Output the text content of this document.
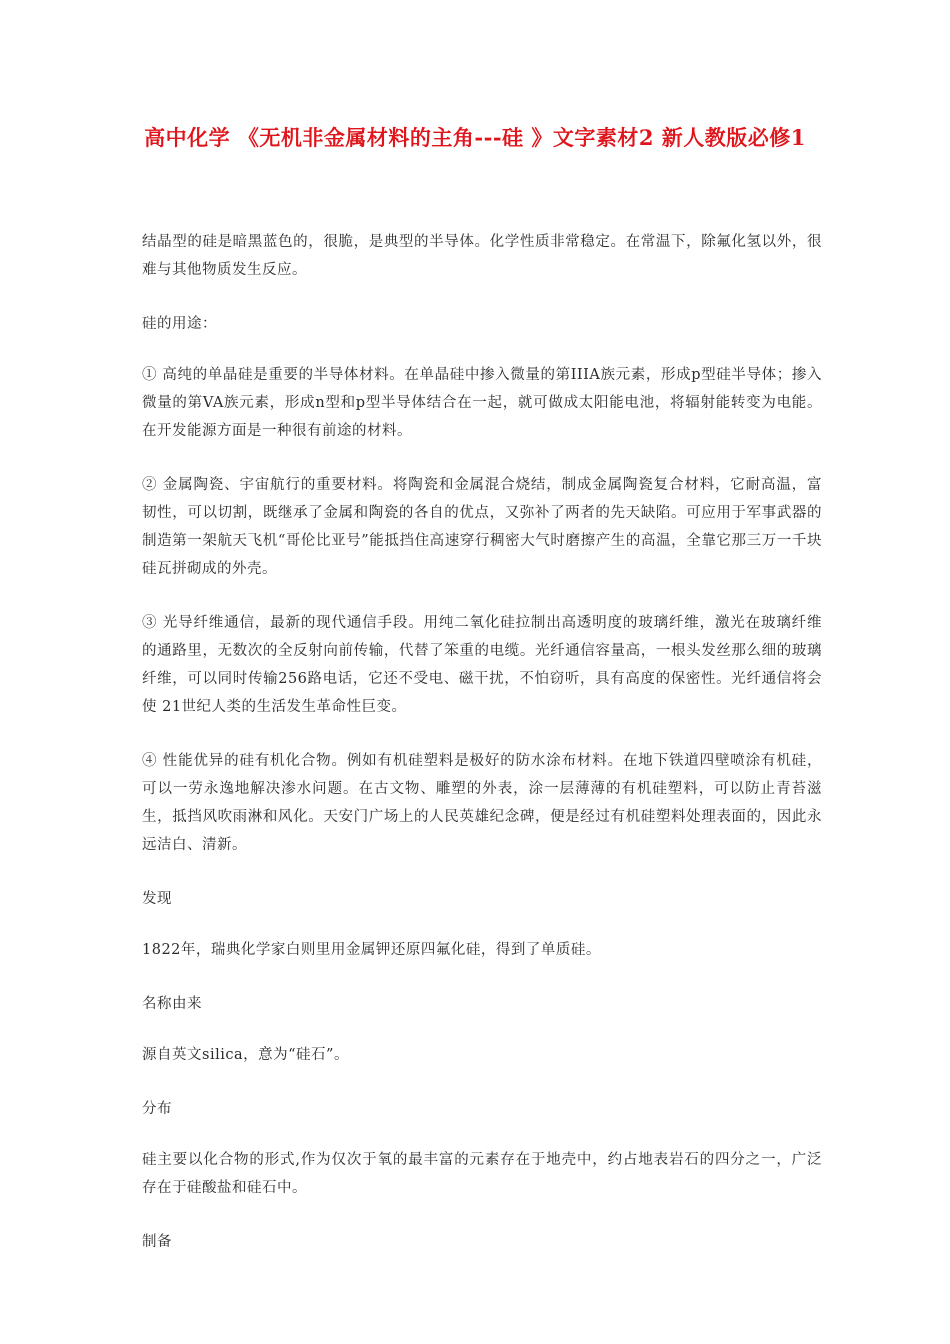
高中化学 《无机非金属材料的主角---硅 》文字素材2 新人教版必修1

结晶型的硅是暗黑蓝色的，很脆，是典型的半导体。化学性质非常稳定。在常温下，除氟化氢以外，很难与其他物质发生反应。

硅的用途：

① 高纯的单晶硅是重要的半导体材料。在单晶硅中掺入微量的第IIIA族元素，形成p型硅半导体；掺入微量的第VA族元素，形成n型和p型半导体结合在一起，就可做成太阳能电池，将辐射能转变为电能。在开发能源方面是一种很有前途的材料。

② 金属陶瓷、宇宙航行的重要材料。将陶瓷和金属混合烧结，制成金属陶瓷复合材料，它耐高温，富韧性，可以切割，既继承了金属和陶瓷的各自的优点，又弥补了两者的先天缺陷。可应用于军事武器的制造第一架航天飞机“哥伦比亚号”能抵挡住高速穿行稠密大气时磨擦产生的高温，全靠它那三万一千块硅瓦拼砌成的外壳。

③ 光导纤维通信，最新的现代通信手段。用纯二氧化硅拉制出高透明度的玻璃纤维，激光在玻璃纤维的通路里，无数次的全反射向前传输，代替了笨重的电缆。光纤通信容量高，一根头发丝那么细的玻璃纤维，可以同时传输256路电话，它还不受电、磁干扰，不怕窃听，具有高度的保密性。光纤通信将会使 21世纪人类的生活发生革命性巨变。

④ 性能优异的硅有机化合物。例如有机硅塑料是极好的防水涂布材料。在地下铁道四壁喷涂有机硅，可以一劳永逸地解决渗水问题。在古文物、雕塑的外表，涂一层薄薄的有机硅塑料，可以防止青苔滋生，抵挡风吹雨淋和风化。天安门广场上的人民英雄纪念碑，便是经过有机硅塑料处理表面的，因此永远洁白、清新。

发现

1822年，瑞典化学家白则里用金属钾还原四氟化硅，得到了单质硅。

名称由来

源自英文silica，意为“硅石”。

分布

硅主要以化合物的形式,作为仅次于氧的最丰富的元素存在于地壳中，约占地表岩石的四分之一，广泛存在于硅酸盐和硅石中。

制备
